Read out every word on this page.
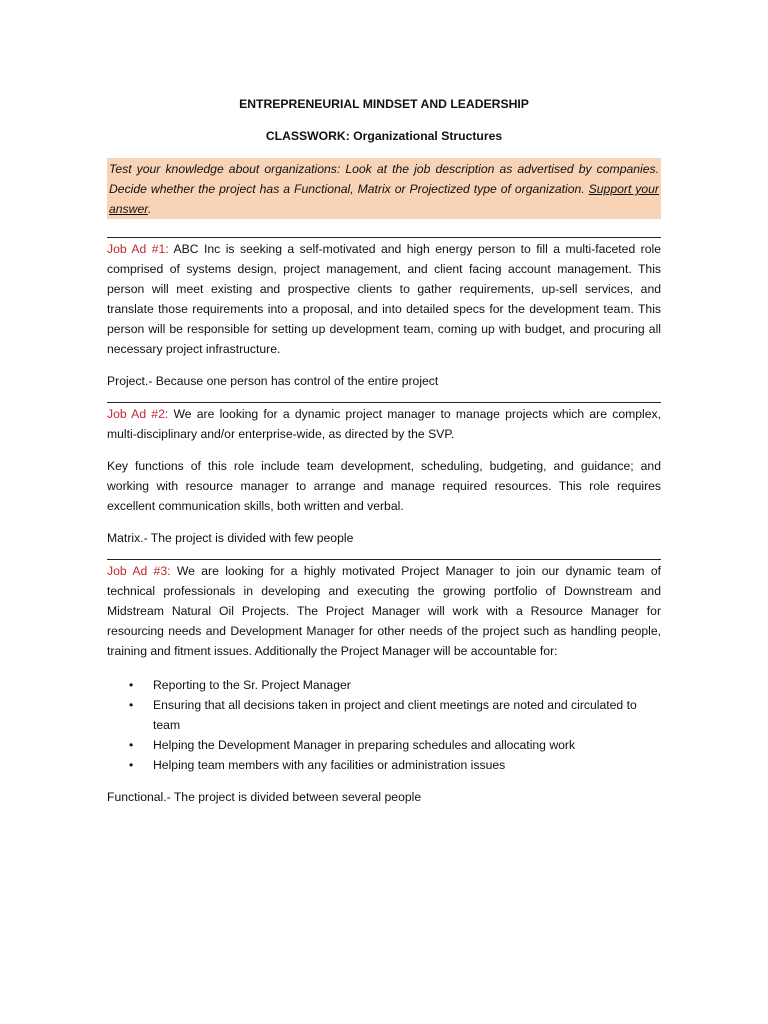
ENTREPRENEURIAL MINDSET AND LEADERSHIP
CLASSWORK: Organizational Structures
Test your knowledge about organizations: Look at the job description as advertised by companies. Decide whether the project has a Functional, Matrix or Projectized type of organization. Support your answer.

Job Ad #1: ABC Inc is seeking a self-motivated and high energy person to fill a multi-faceted role comprised of systems design, project management, and client facing account management. This person will meet existing and prospective clients to gather requirements, up-sell services, and translate those requirements into a proposal, and into detailed specs for the development team. This person will be responsible for setting up development team, coming up with budget, and procuring all necessary project infrastructure.

Project.- Because one person has control of the entire project

Job Ad #2: We are looking for a dynamic project manager to manage projects which are complex, multi-disciplinary and/or enterprise-wide, as directed by the SVP.

Key functions of this role include team development, scheduling, budgeting, and guidance; and working with resource manager to arrange and manage required resources. This role requires excellent communication skills, both written and verbal.

Matrix.- The project is divided with few people

Job Ad #3: We are looking for a highly motivated Project Manager to join our dynamic team of technical professionals in developing and executing the growing portfolio of Downstream and Midstream Natural Oil Projects. The Project Manager will work with a Resource Manager for resourcing needs and Development Manager for other needs of the project such as handling people, training and fitment issues. Additionally the Project Manager will be accountable for:

• Reporting to the Sr. Project Manager
• Ensuring that all decisions taken in project and client meetings are noted and circulated to team
• Helping the Development Manager in preparing schedules and allocating work
• Helping team members with any facilities or administration issues

Functional.- The project is divided between several people
